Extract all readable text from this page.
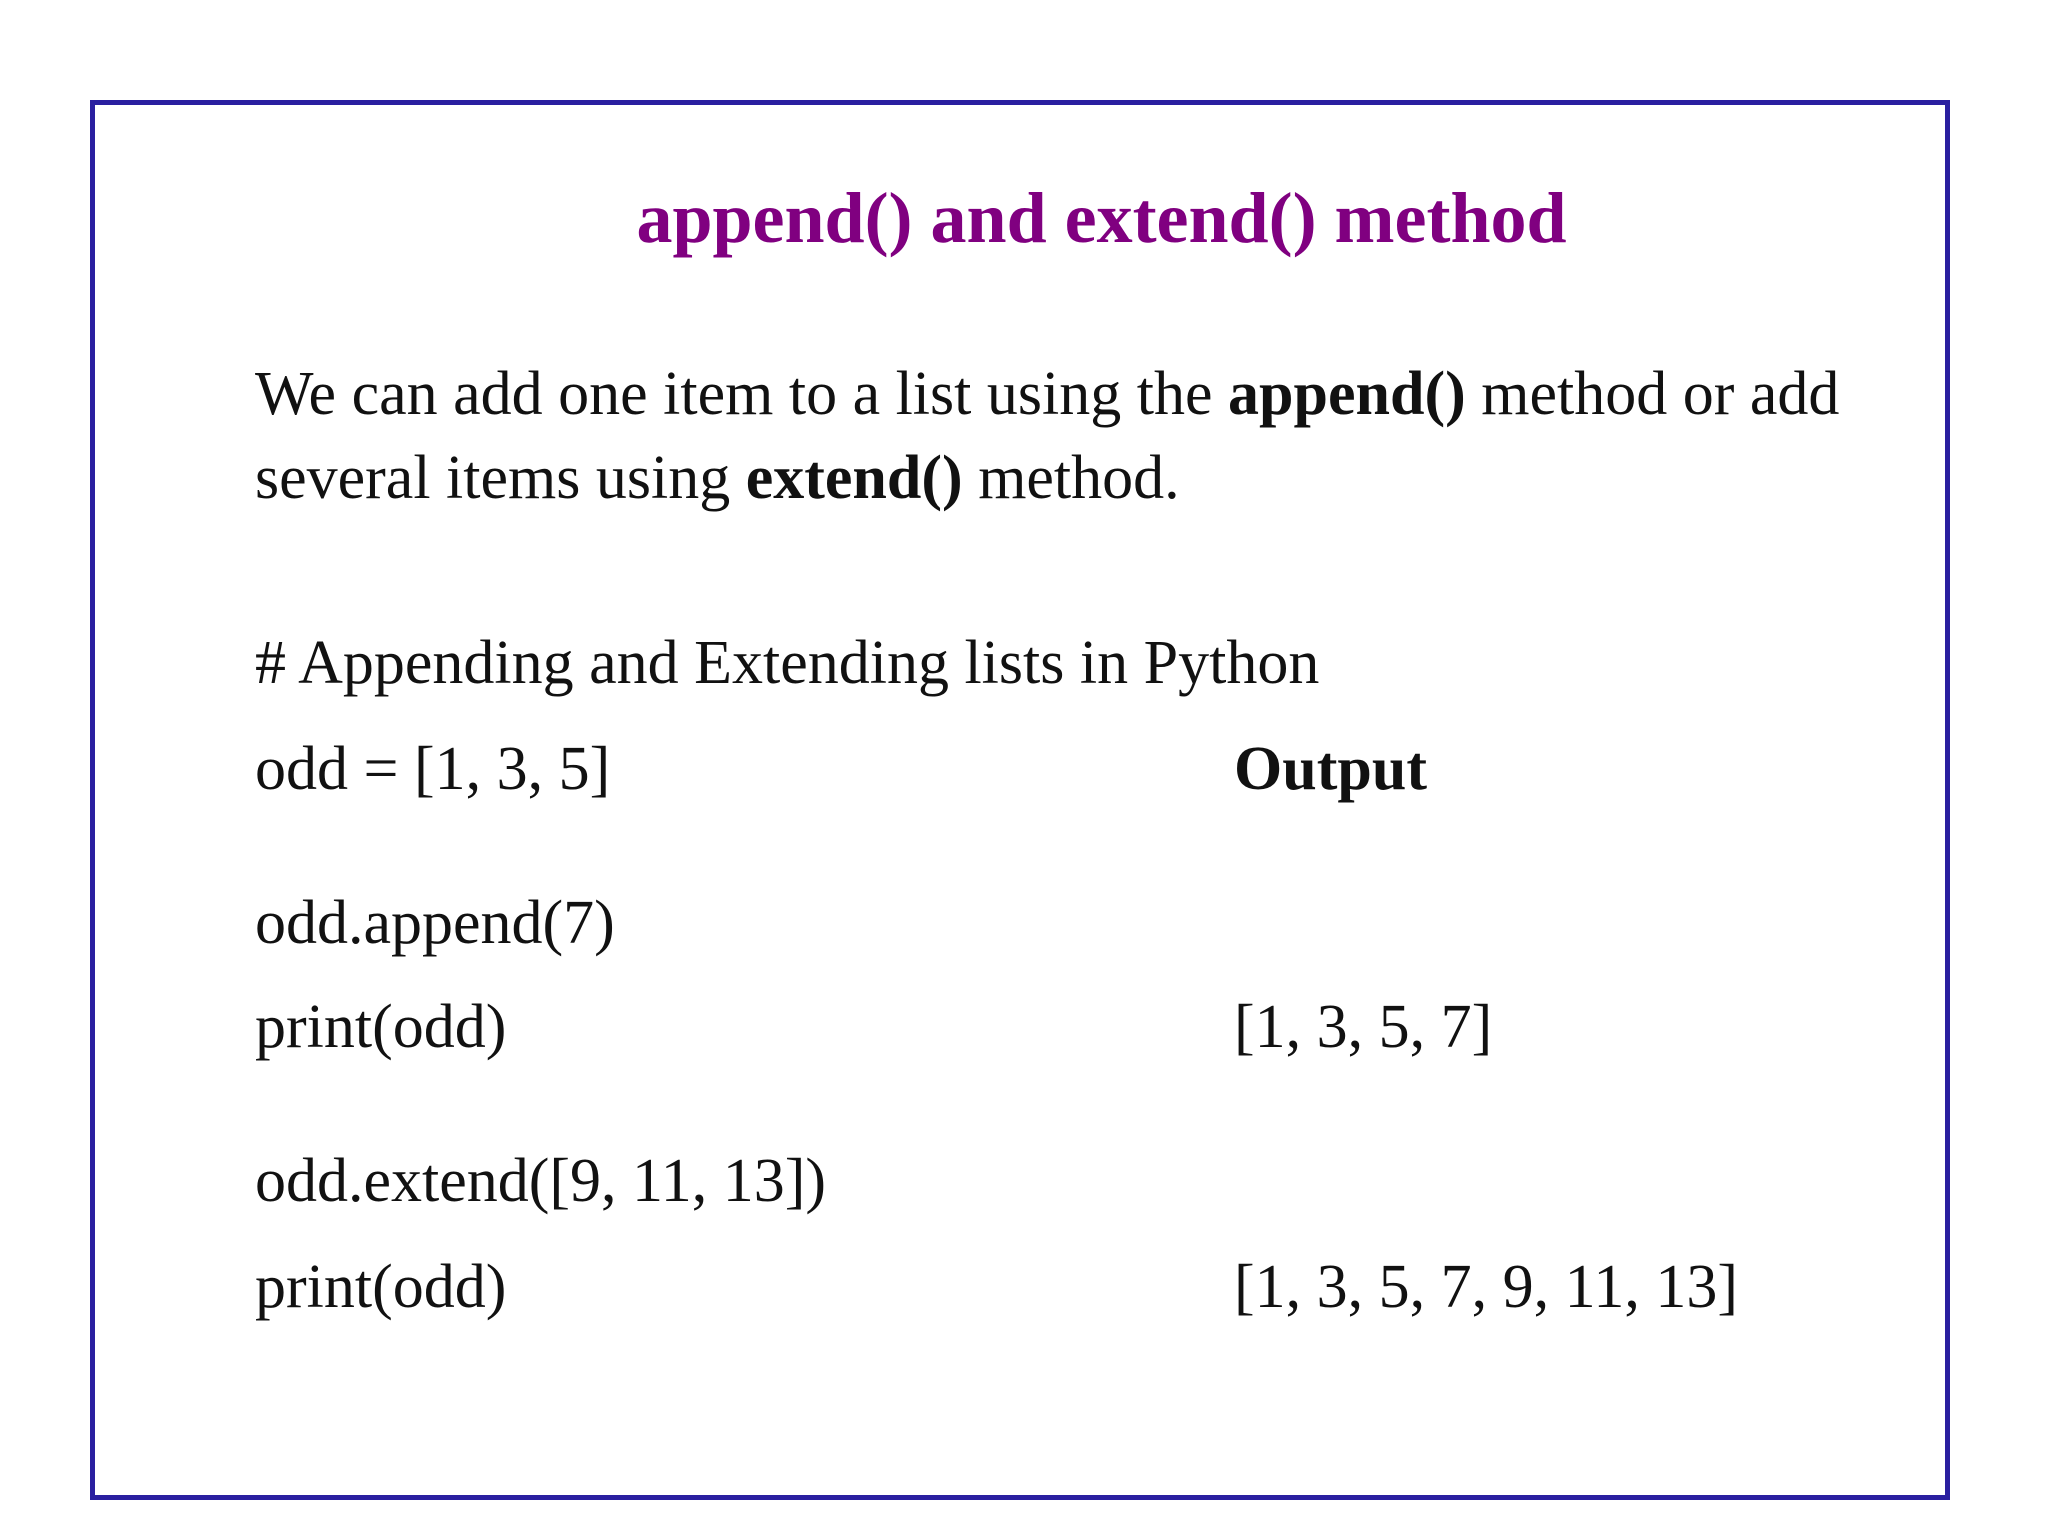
append() and extend() method
We can add one item to a list using the append() method or add several items using extend() method.
# Appending and Extending lists in Python
odd = [1, 3, 5]	Output
odd.append(7)
print(odd)	[1, 3, 5, 7]
odd.extend([9, 11, 13])
print(odd)	[1, 3, 5, 7, 9, 11, 13]
